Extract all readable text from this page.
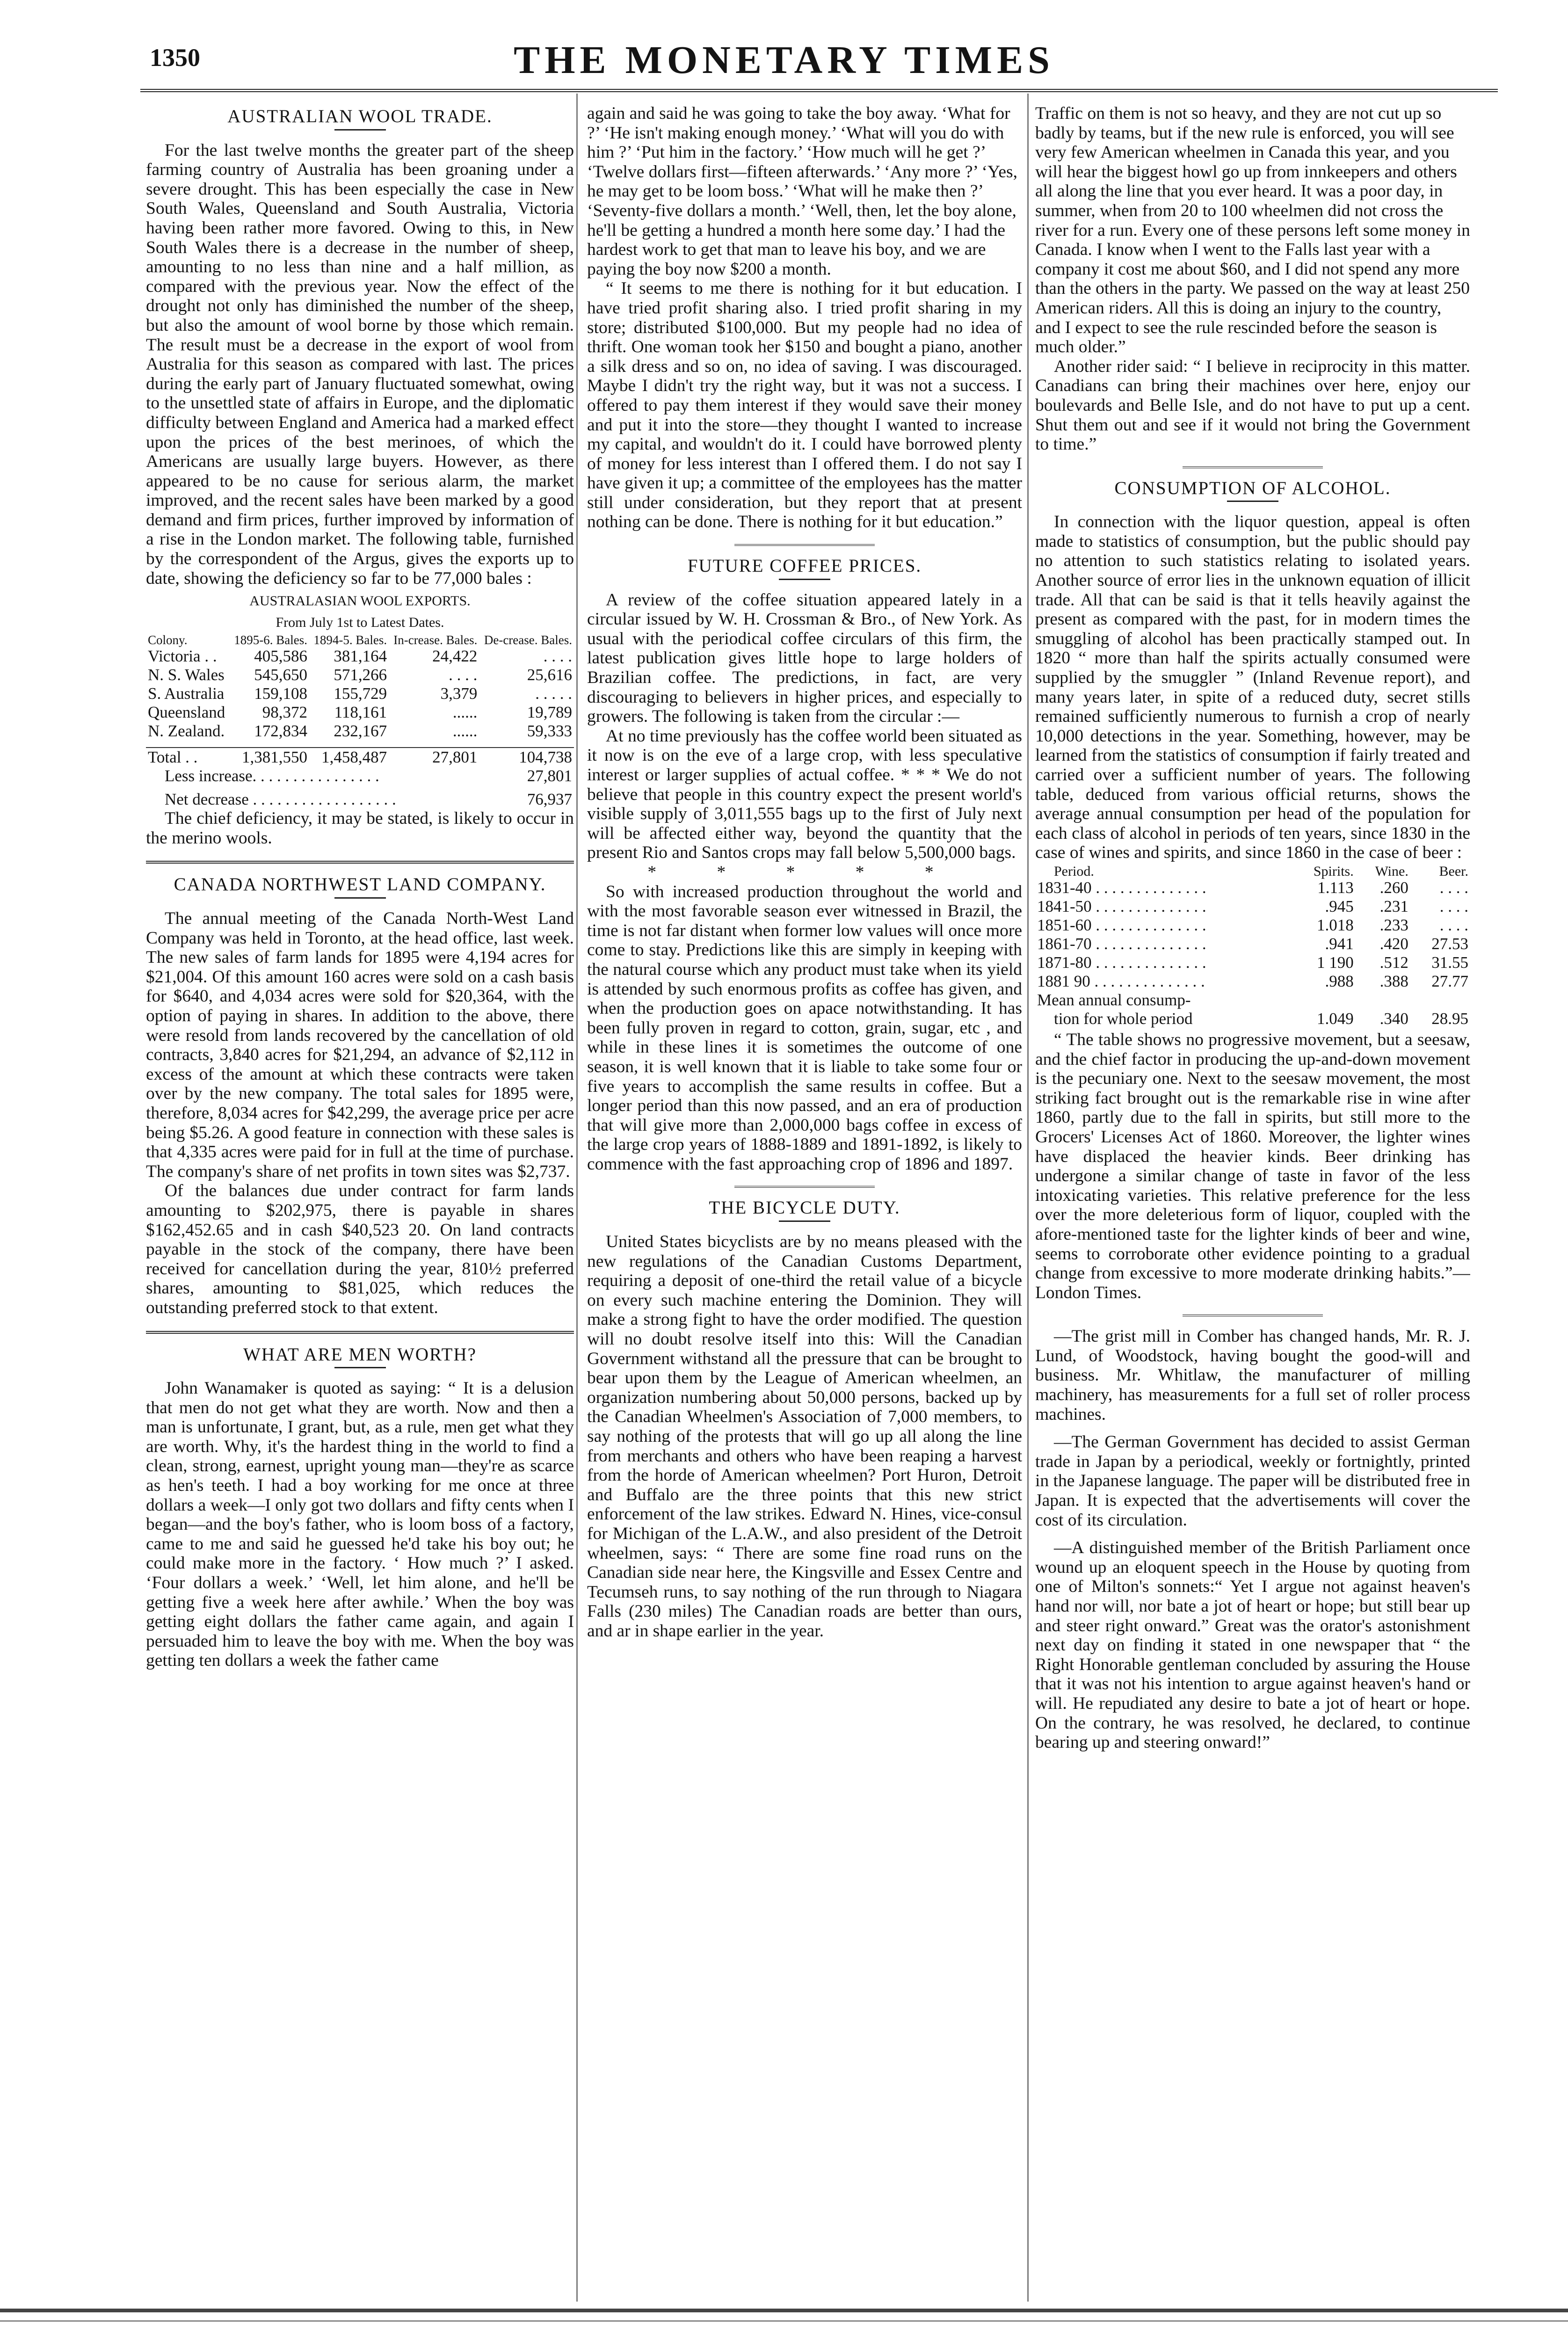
1350	THE MONETARY TIMES
AUSTRALIAN WOOL TRADE.

For the last twelve months the greater part of the sheep farming country of Australia has been groaning under a severe drought. This has been especially the case in New South Wales, Queensland and South Australia, Victoria having been rather more favored. Owing to this, in New South Wales there is a decrease in the number of sheep, amounting to no less than nine and a half million, as compared with the previous year. Now the effect of the drought not only has diminished the number of the sheep, but also the amount of wool borne by those which remain. The result must be a decrease in the export of wool from Australia for this season as compared with last. The prices during the early part of January fluctuated somewhat, owing to the unsettled state of affairs in Europe, and the diplomatic difficulty between England and America had a marked effect upon the prices of the best merinoes, of which the Americans are usually large buyers. However, as there appeared to be no cause for serious alarm, the market improved, and the recent sales have been marked by a good demand and firm prices, further improved by information of a rise in the London market. The following table, furnished by the correspondent of the Argus, gives the exports up to date, showing the deficiency so far to be 77,000 bales :

AUSTRALASIAN WOOL EXPORTS.
From July 1st to Latest Dates.
Colony.	1895-6. Bales.	1894-5. Bales.	In-crease. Bales.	De-crease. Bales.
Victoria . .	405,586	381,164	24,422	. . . .
N. S. Wales	545,650	571,266	. . . .	25,616
S. Australia	159,108	155,729	3,379	. . . . .
Queensland	98,372	118,161	......	19,789
N. Zealand.	172,834	232,167	......	59,333

Total . .	1,381,550	1,458,487	27,801	104,738
Less increase. . . . . . . . . . . . . . . .				27,801

Net decrease . . . . . . . . . . . . . . . . . .				76,937

The chief deficiency, it may be stated, is likely to occur in the merino wools.

CANADA NORTHWEST LAND COMPANY.

The annual meeting of the Canada North-West Land Company was held in Toronto, at the head office, last week. The new sales of farm lands for 1895 were 4,194 acres for $21,004. Of this amount 160 acres were sold on a cash basis for $640, and 4,034 acres were sold for $20,364, with the option of paying in shares. In addition to the above, there were resold from lands recovered by the cancellation of old contracts, 3,840 acres for $21,294, an advance of $2,112 in excess of the amount at which these contracts were taken over by the new company. The total sales for 1895 were, therefore, 8,034 acres for $42,299, the average price per acre being $5.26. A good feature in connection with these sales is that 4,335 acres were paid for in full at the time of purchase. The company's share of net profits in town sites was $2,737.

Of the balances due under contract for farm lands amounting to $202,975, there is payable in shares $162,452.65 and in cash $40,523 20. On land contracts payable in the stock of the company, there have been received for cancellation during the year, 810½ preferred shares, amounting to $81,025, which reduces the outstanding preferred stock to that extent.

WHAT ARE MEN WORTH?

John Wanamaker is quoted as saying: “ It is a delusion that men do not get what they are worth. Now and then a man is unfortunate, I grant, but, as a rule, men get what they are worth. Why, it's the hardest thing in the world to find a clean, strong, earnest, upright young man—they're as scarce as hen's teeth. I had a boy working for me once at three dollars a week—I only got two dollars and fifty cents when I began—and the boy's father, who is loom boss of a factory, came to me and said he guessed he'd take his boy out; he could make more in the factory. ‘ How much ?’ I asked. ‘Four dollars a week.’ ‘Well, let him alone, and he'll be getting five a week here after awhile.’ When the boy was getting eight dollars the father came again, and again I persuaded him to leave the boy with me. When the boy was getting ten dollars a week the father came

again and said he was going to take the boy away. ‘What for ?’ ‘He isn't making enough money.’ ‘What will you do with him ?’ ‘Put him in the factory.’ ‘How much will he get ?’ ‘Twelve dollars first—fifteen afterwards.’ ‘Any more ?’ ‘Yes, he may get to be loom boss.’ ‘What will he make then ?’ ‘Seventy-five dollars a month.’ ‘Well, then, let the boy alone, he'll be getting a hundred a month here some day.’ I had the hardest work to get that man to leave his boy, and we are paying the boy now $200 a month.

“ It seems to me there is nothing for it but education. I have tried profit sharing also. I tried profit sharing in my store; distributed $100,000. But my people had no idea of thrift. One woman took her $150 and bought a piano, another a silk dress and so on, no idea of saving. I was discouraged. Maybe I didn't try the right way, but it was not a success. I offered to pay them interest if they would save their money and put it into the store—they thought I wanted to increase my capital, and wouldn't do it. I could have borrowed plenty of money for less interest than I offered them. I do not say I have given it up; a committee of the employees has the matter still under consideration, but they report that at present nothing can be done. There is nothing for it but education.”

FUTURE COFFEE PRICES.

A review of the coffee situation appeared lately in a circular issued by W. H. Crossman & Bro., of New York. As usual with the periodical coffee circulars of this firm, the latest publication gives little hope to large holders of Brazilian coffee. The predictions, in fact, are very discouraging to believers in higher prices, and especially to growers. The following is taken from the circular :—

At no time previously has the coffee world been situated as it now is on the eve of a large crop, with less speculative interest or larger supplies of actual coffee. * * * We do not believe that people in this country expect the present world's visible supply of 3,011,555 bags up to the first of July next will be affected either way, beyond the quantity that the present Rio and Santos crops may fall below 5,500,000 bags.

* * * * *

So with increased production throughout the world and with the most favorable season ever witnessed in Brazil, the time is not far distant when former low values will once more come to stay. Predictions like this are simply in keeping with the natural course which any product must take when its yield is attended by such enormous profits as coffee has given, and when the production goes on apace notwithstanding. It has been fully proven in regard to cotton, grain, sugar, etc , and while in these lines it is sometimes the outcome of one season, it is well known that it is liable to take some four or five years to accomplish the same results in coffee. But a longer period than this now passed, and an era of production that will give more than 2,000,000 bags coffee in excess of the large crop years of 1888-1889 and 1891-1892, is likely to commence with the fast approaching crop of 1896 and 1897.

THE BICYCLE DUTY.

United States bicyclists are by no means pleased with the new regulations of the Canadian Customs Department, requiring a deposit of one-third the retail value of a bicycle on every such machine entering the Dominion. They will make a strong fight to have the order modified. The question will no doubt resolve itself into this: Will the Canadian Government withstand all the pressure that can be brought to bear upon them by the League of American wheelmen, an organization numbering about 50,000 persons, backed up by the Canadian Wheelmen's Association of 7,000 members, to say nothing of the protests that will go up all along the line from merchants and others who have been reaping a harvest from the horde of American wheelmen? Port Huron, Detroit and Buffalo are the three points that this new strict enforcement of the law strikes. Edward N. Hines, vice-consul for Michigan of the L.A.W., and also president of the Detroit wheelmen, says: “ There are some fine road runs on the Canadian side near here, the Kingsville and Essex Centre and Tecumseh runs, to say nothing of the run through to Niagara Falls (230 miles) The Canadian roads are better than ours, and ar in shape earlier in the year.

Traffic on them is not so heavy, and they are not cut up so badly by teams, but if the new rule is enforced, you will see very few American wheelmen in Canada this year, and you will hear the biggest howl go up from innkeepers and others all along the line that you ever heard. It was a poor day, in summer, when from 20 to 100 wheelmen did not cross the river for a run. Every one of these persons left some money in Canada. I know when I went to the Falls last year with a company it cost me about $60, and I did not spend any more than the others in the party. We passed on the way at least 250 American riders. All this is doing an injury to the country, and I expect to see the rule rescinded before the season is much older.”

Another rider said: “ I believe in reciprocity in this matter. Canadians can bring their machines over here, enjoy our boulevards and Belle Isle, and do not have to put up a cent. Shut them out and see if it would not bring the Government to time.”

CONSUMPTION OF ALCOHOL.

In connection with the liquor question, appeal is often made to statistics of consumption, but the public should pay no attention to such statistics relating to isolated years. Another source of error lies in the unknown equation of illicit trade. All that can be said is that it tells heavily against the present as compared with the past, for in modern times the smuggling of alcohol has been practically stamped out. In 1820 “ more than half the spirits actually consumed were supplied by the smuggler ” (Inland Revenue report), and many years later, in spite of a reduced duty, secret stills remained sufficiently numerous to furnish a crop of nearly 10,000 detections in the year. Something, however, may be learned from the statistics of consumption if fairly treated and carried over a sufficient number of years. The following table, deduced from various official returns, shows the average annual consumption per head of the population for each class of alcohol in periods of ten years, since 1830 in the case of wines and spirits, and since 1860 in the case of beer :

Period.	Spirits.	Wine.	Beer.
1831-40 . . . . . . . . . . . . . .	1.113	.260	. . . .
1841-50 . . . . . . . . . . . . . .	.945	.231	. . . .
1851-60 . . . . . . . . . . . . . .	1.018	.233	. . . .
1861-70 . . . . . . . . . . . . . .	.941	.420	27.53
1871-80 . . . . . . . . . . . . . .	1 190	.512	31.55
1881 90 . . . . . . . . . . . . . .	.988	.388	27.77
Mean annual consump-			
tion for whole period	1.049	.340	28.95

“ The table shows no progressive movement, but a seesaw, and the chief factor in producing the up-and-down movement is the pecuniary one. Next to the seesaw movement, the most striking fact brought out is the remarkable rise in wine after 1860, partly due to the fall in spirits, but still more to the Grocers' Licenses Act of 1860. Moreover, the lighter wines have displaced the heavier kinds. Beer drinking has undergone a similar change of taste in favor of the less intoxicating varieties. This relative preference for the less over the more deleterious form of liquor, coupled with the afore-mentioned taste for the lighter kinds of beer and wine, seems to corroborate other evidence pointing to a gradual change from excessive to more moderate drinking habits.”—London Times.

—The grist mill in Comber has changed hands, Mr. R. J. Lund, of Woodstock, having bought the good-will and business. Mr. Whitlaw, the manufacturer of milling machinery, has measurements for a full set of roller process machines.

—The German Government has decided to assist German trade in Japan by a periodical, weekly or fortnightly, printed in the Japanese language. The paper will be distributed free in Japan. It is expected that the advertisements will cover the cost of its circulation.

—A distinguished member of the British Parliament once wound up an eloquent speech in the House by quoting from one of Milton's sonnets:“ Yet I argue not against heaven's hand nor will, nor bate a jot of heart or hope; but still bear up and steer right onward.” Great was the orator's astonishment next day on finding it stated in one newspaper that “ the Right Honorable gentleman concluded by assuring the House that it was not his intention to argue against heaven's hand or will. He repudiated any desire to bate a jot of heart or hope. On the contrary, he was resolved, he declared, to continue bearing up and steering onward!”
